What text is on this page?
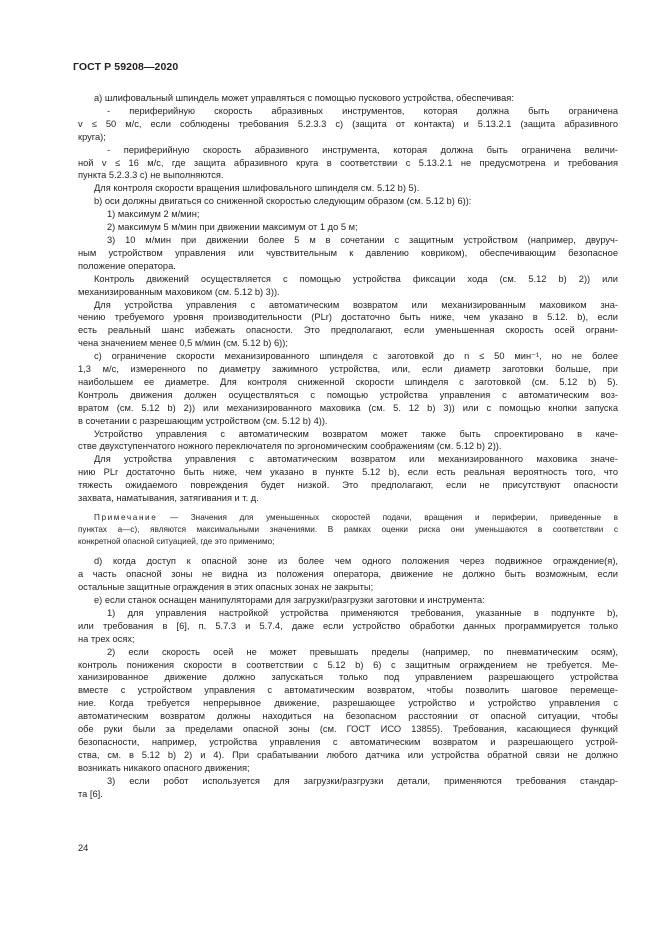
ГОСТ Р 59208—2020
а) шлифовальный шпиндель может управляться с помощью пускового устройства, обеспечивая:
- периферийную скорость абразивных инструментов, которая должна быть ограничена
v ≤ 50 м/с, если соблюдены требования 5.2.3.3 с) (защита от контакта) и 5.13.2.1 (защита абразивного
круга);
- периферийную скорость абразивного инструмента, которая должна быть ограничена величи-
ной v ≤ 16 м/с, где защита абразивного круга в соответствии с 5.13.2.1 не предусмотрена и требования
пункта 5.2.3.3 с) не выполняются.
Для контроля скорости вращения шлифовального шпинделя см. 5.12 b) 5).
b) оси должны двигаться со сниженной скоростью следующим образом (см. 5.12 b) 6)):
1) максимум 2 м/мин;
2) максимум 5 м/мин при движении максимум от 1 до 5 м;
3) 10 м/мин при движении более 5 м в сочетании с защитным устройством (например, двуруч-
ным устройством управления или чувствительным к давлению ковриком), обеспечивающим безопасное
положение оператора.
Контроль движений осуществляется с помощью устройства фиксации хода (см. 5.12 b) 2)) или
механизированным маховиком (см. 5.12 b) 3)).
Для устройства управления с автоматическим возвратом или механизированным маховиком зна-
чению требуемого уровня производительности (PLr) достаточно быть ниже, чем указано в 5.12. b), если
есть реальный шанс избежать опасности. Это предполагают, если уменьшенная скорость осей ограни-
чена значением менее 0,5 м/мин (см. 5.12 b) 6));
с) ограничение скорости механизированного шпинделя с заготовкой до n ≤ 50 мин⁻¹, но не более
1,3 м/с, измеренного по диаметру зажимного устройства, или, если диаметр заготовки больше, при
наибольшем ее диаметре. Для контроля сниженной скорости шпинделя с заготовкой (см. 5.12 b) 5).
Контроль движения должен осуществляться с помощью устройства управления с автоматическим воз-
вратом (см. 5.12 b) 2)) или механизированного маховика (см. 5. 12 b) 3)) или с помощью кнопки запуска
в сочетании с разрешающим устройством (см. 5.12 b) 4)).
Устройство управления с автоматическим возвратом может также быть спроектировано в каче-
стве двухступенчатого ножного переключателя по эргономическим соображениям (см. 5.12 b) 2)).
Для устройства управления с автоматическим возвратом или механизированного маховика значе-
нию PLr достаточно быть ниже, чем указано в пункте 5.12 b), если есть реальная вероятность того, что
тяжесть ожидаемого повреждения будет низкой. Это предполагают, если не присутствуют опасности
захвата, наматывания, затягивания и т. д.
Примечание — Значения для уменьшенных скоростей подачи, вращения и периферии, приведенные в
пунктах а—с), являются максимальными значениями. В рамках оценки риска они уменьшаются в соответствии с
конкретной опасной ситуацией, где это применимо;
d) когда доступ к опасной зоне из более чем одного положения через подвижное ограждение(я),
а часть опасной зоны не видна из положения оператора, движение не должно быть возможным, если
остальные защитные ограждения в этих опасных зонах не закрыты;
е) если станок оснащен манипуляторами для загрузки/разгрузки заготовки и инструмента:
1) для управления настройкой устройства применяются требования, указанные в подпункте b),
или требования в [6], п. 5.7.3 и 5.7.4, даже если устройство обработки данных программируется только
на трех осях;
2) если скорость осей не может превышать пределы (например, по пневматическим осям),
контроль понижения скорости в соответствии с 5.12 b) 6) с защитным ограждением не требуется. Ме-
ханизированное движение должно запускаться только под управлением разрешающего устройства
вместе с устройством управления с автоматическим возвратом, чтобы позволить шаговое перемеще-
ние. Когда требуется непрерывное движение, разрешающее устройство и устройство управления с
автоматическим возвратом должны находиться на безопасном расстоянии от опасной ситуации, чтобы
обе руки были за пределами опасной зоны (см. ГОСТ ИСО 13855). Требования, касающиеся функций
безопасности, например, устройства управления с автоматическим возвратом и разрешающего устрой-
ства, см. в 5.12 b) 2) и 4). При срабатывании любого датчика или устройства обратной связи не должно
возникать никакого опасного движения;
3) если робот используется для загрузки/разгрузки детали, применяются требования стандар-
та [6].
24
